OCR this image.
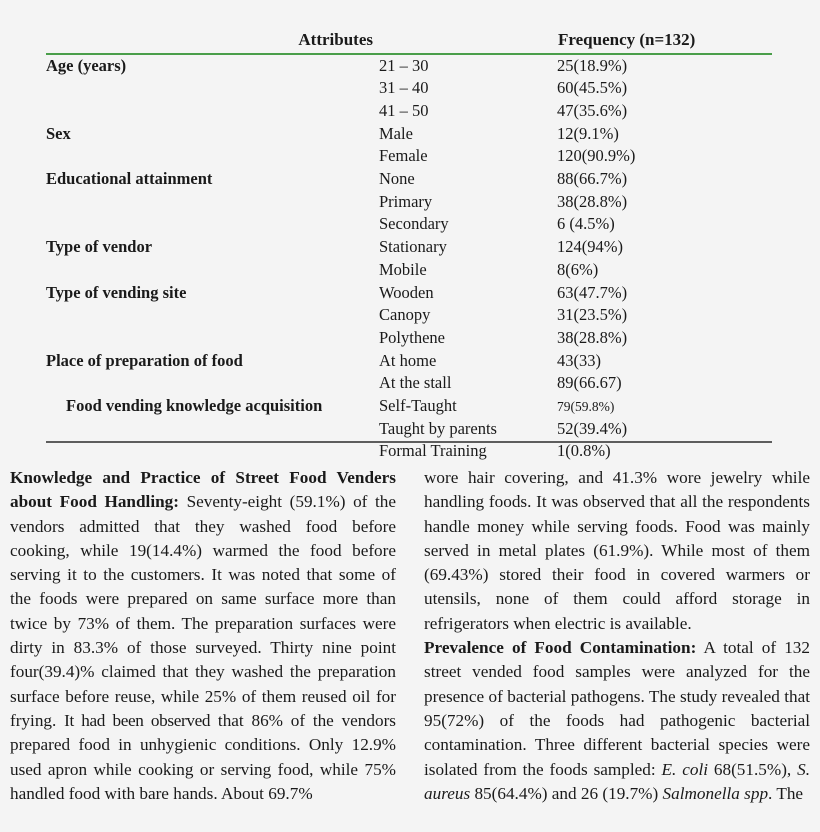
Attributes		Frequency (n=132)
Age (years)	21 – 30	25(18.9%)
	31 – 40	60(45.5%)
	41 – 50	47(35.6%)
Sex	Male	12(9.1%)
	Female	120(90.9%)
Educational attainment	None	88(66.7%)
	Primary	38(28.8%)
	Secondary	6 (4.5%)
Type of vendor	Stationary	124(94%)
	Mobile	8(6%)
Type of vending site	Wooden	63(47.7%)
	Canopy	31(23.5%)
	Polythene	38(28.8%)
Place of preparation of food	At home	43(33)
	At the stall	89(66.67)
Food vending knowledge acquisition	Self-Taught	79(59.8%)
	Taught by parents	52(39.4%)
	Formal Training	1(0.8%)

Knowledge and Practice of Street Food Venders about Food Handling: Seventy-eight (59.1%) of the vendors admitted that they washed food before cooking, while 19(14.4%) warmed the food before serving it to the customers. It was noted that some of the foods were prepared on same surface more than twice by 73% of them. The preparation surfaces were dirty in 83.3% of those surveyed. Thirty nine point four(39.4)% claimed that they washed the preparation surface before reuse, while 25% of them reused oil for frying. It had been observed that 86% of the vendors prepared food in unhygienic conditions. Only 12.9% used apron while cooking or serving food, while 75% handled food with bare hands. About 69.7%

wore hair covering, and 41.3% wore jewelry while handling foods. It was observed that all the respondents handle money while serving foods. Food was mainly served in metal plates (61.9%). While most of them (69.43%) stored their food in covered warmers or utensils, none of them could afford storage in refrigerators when electric is available.

Prevalence of Food Contamination: A total of 132 street vended food samples were analyzed for the presence of bacterial pathogens. The study revealed that 95(72%) of the foods had pathogenic bacterial contamination. Three different bacterial species were isolated from the foods sampled: E. coli 68(51.5%), S. aureus 85(64.4%) and 26 (19.7%) Salmonella spp. The
